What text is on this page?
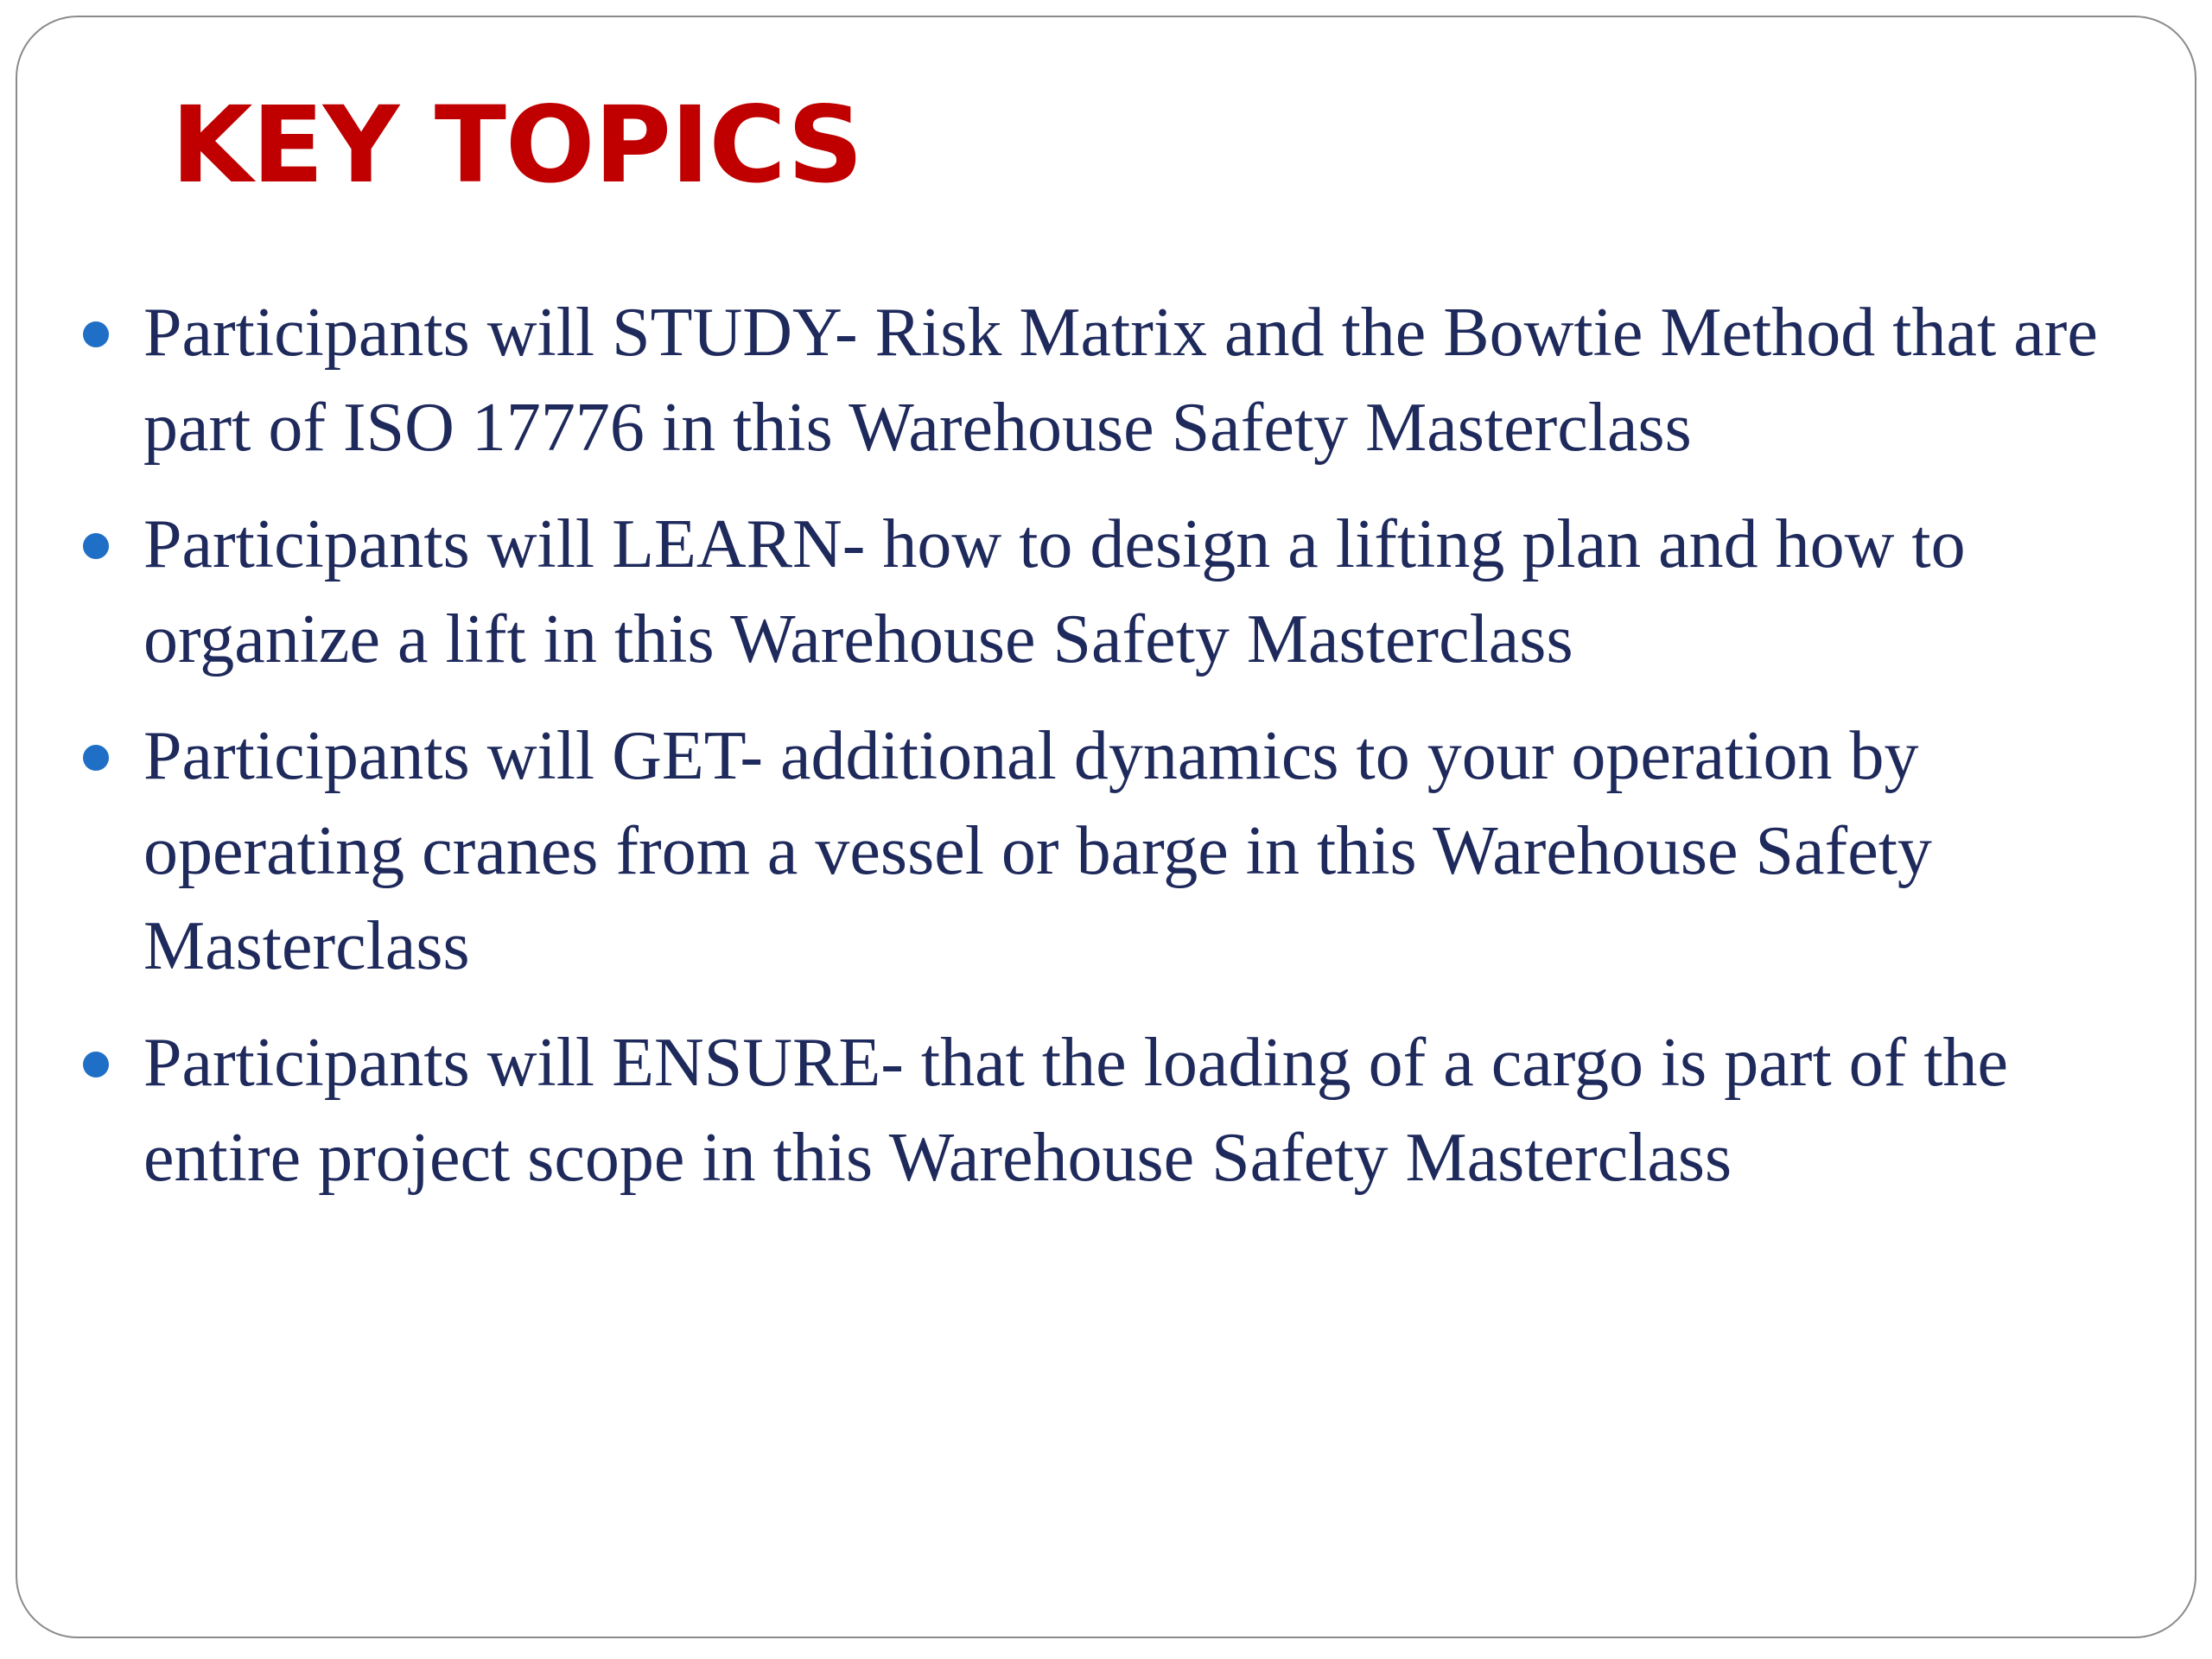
KEY TOPICS
Participants will STUDY- Risk Matrix and the Bowtie Method that are part of ISO 17776 in this Warehouse Safety Masterclass
Participants will LEARN- how to design a lifting plan and how to organize a lift in this Warehouse Safety Masterclass
Participants will GET- additional dynamics to your operation by operating cranes from a vessel or barge in this Warehouse Safety Masterclass
Participants will ENSURE- that the loading of a cargo is part of the entire project scope in this Warehouse Safety Masterclass
